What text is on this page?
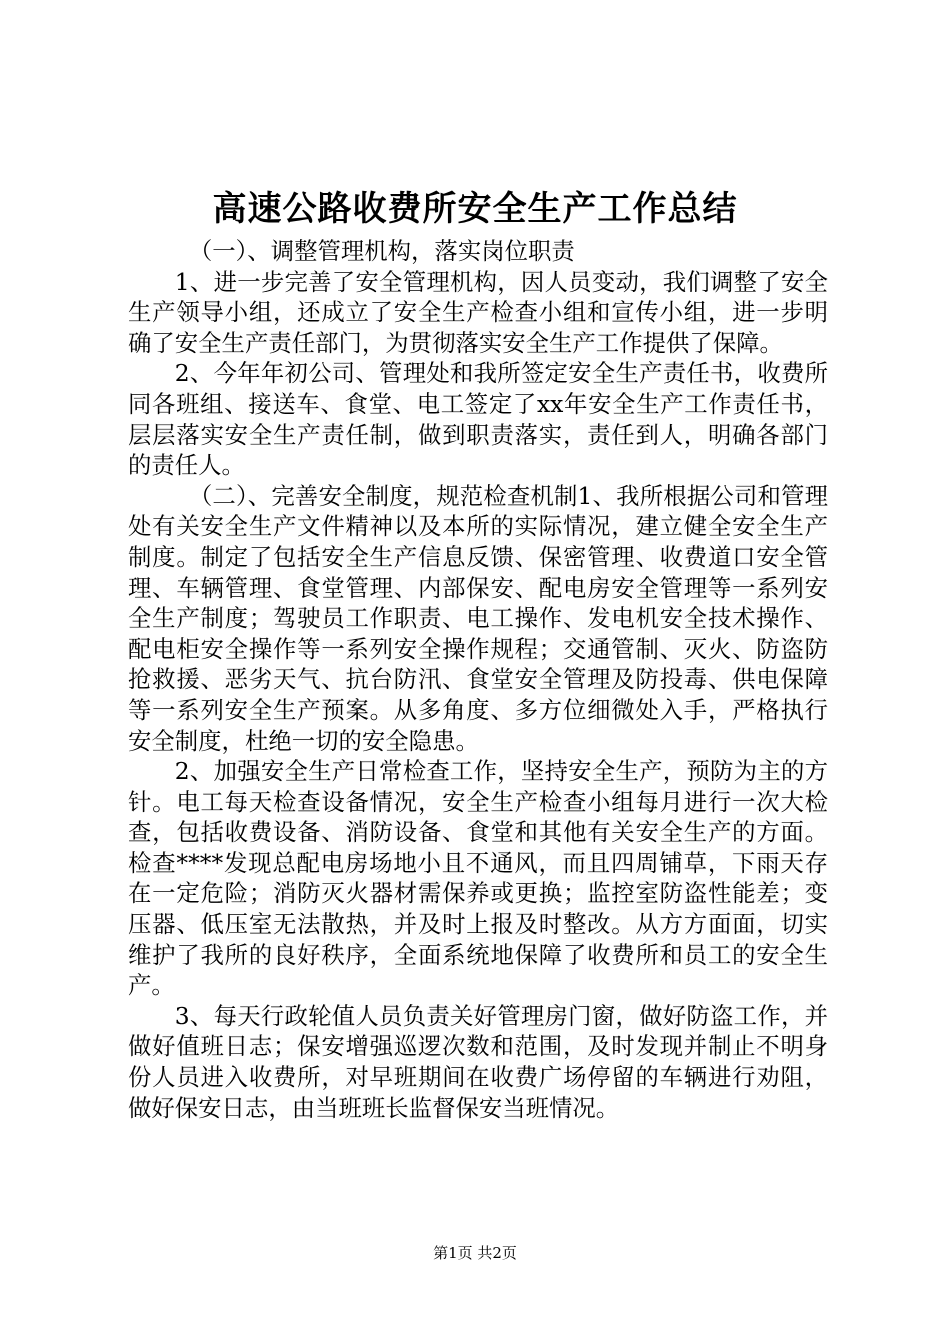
高速公路收费所安全生产工作总结

（一）、调整管理机构，落实岗位职责

1、进一步完善了安全管理机构，因人员变动，我们调整了安全生产领导小组，还成立了安全生产检查小组和宣传小组，进一步明确了安全生产责任部门，为贯彻落实安全生产工作提供了保障。

2、今年年初公司、管理处和我所签定安全生产责任书，收费所同各班组、接送车、食堂、电工签定了xx年安全生产工作责任书，层层落实安全生产责任制，做到职责落实，责任到人，明确各部门的责任人。

（二）、完善安全制度，规范检查机制1、我所根据公司和管理处有关安全生产文件精神以及本所的实际情况，建立健全安全生产制度。制定了包括安全生产信息反馈、保密管理、收费道口安全管理、车辆管理、食堂管理、内部保安、配电房安全管理等一系列安全生产制度；驾驶员工作职责、电工操作、发电机安全技术操作、配电柜安全操作等一系列安全操作规程；交通管制、灭火、防盗防抢救援、恶劣天气、抗台防汛、食堂安全管理及防投毒、供电保障等一系列安全生产预案。从多角度、多方位细微处入手，严格执行安全制度，杜绝一切的安全隐患。

2、加强安全生产日常检查工作，坚持安全生产，预防为主的方针。电工每天检查设备情况，安全生产检查小组每月进行一次大检查，包括收费设备、消防设备、食堂和其他有关安全生产的方面。检查****发现总配电房场地小且不通风，而且四周铺草，下雨天存在一定危险；消防灭火器材需保养或更换；监控室防盗性能差；变压器、低压室无法散热，并及时上报及时整改。从方方面面，切实维护了我所的良好秩序，全面系统地保障了收费所和员工的安全生产。

3、每天行政轮值人员负责关好管理房门窗，做好防盗工作，并做好值班日志；保安增强巡逻次数和范围，及时发现并制止不明身份人员进入收费所，对早班期间在收费广场停留的车辆进行劝阻，做好保安日志，由当班班长监督保安当班情况。

第1页 共2页
